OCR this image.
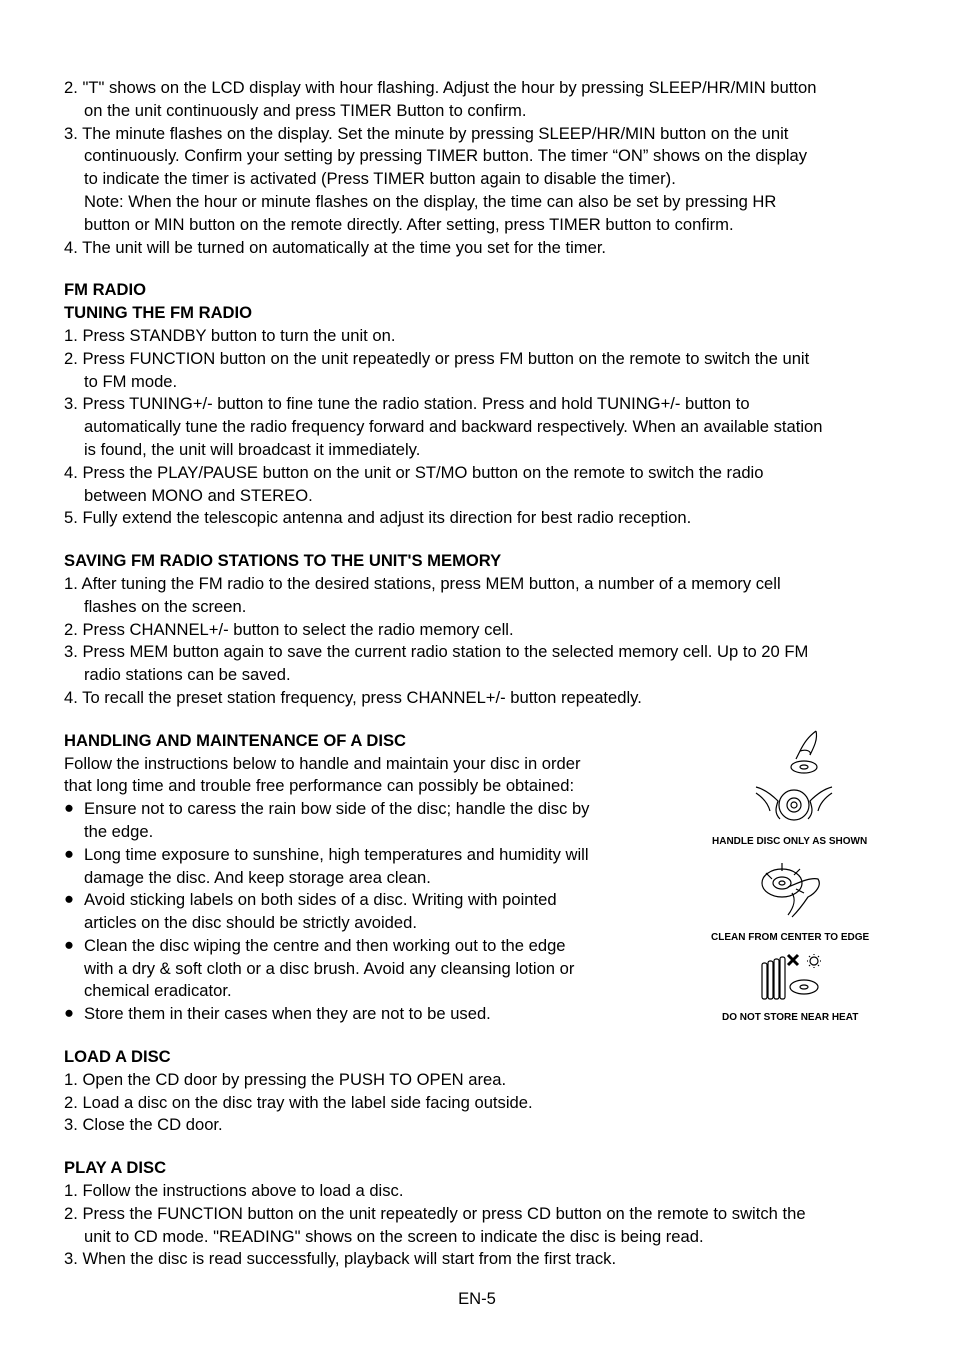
2. "T" shows on the LCD display with hour flashing. Adjust the hour by pressing SLEEP/HR/MIN button
on the unit continuously and press TIMER Button to confirm.
3. The minute flashes on the display. Set the minute by pressing SLEEP/HR/MIN button on the unit
continuously. Confirm your setting by pressing TIMER button. The timer “ON” shows on the display
to indicate the timer is activated (Press TIMER button again to disable the timer).
Note: When the hour or minute flashes on the display, the time can also be set by pressing HR
button or MIN button on the remote directly. After setting, press TIMER button to confirm.
4. The unit will be turned on automatically at the time you set for the timer.
FM RADIO
TUNING THE FM RADIO
1. Press STANDBY button to turn the unit on.
2. Press FUNCTION button on the unit repeatedly or press FM button on the remote to switch the unit
to FM mode.
3. Press TUNING+/- button to fine tune the radio station. Press and hold TUNING+/- button to
automatically tune the radio frequency forward and backward respectively. When an available station
is found, the unit will broadcast it immediately.
4. Press the PLAY/PAUSE button on the unit or ST/MO button on the remote to switch the radio
between MONO and STEREO.
5. Fully extend the telescopic antenna and adjust its direction for best radio reception.
SAVING FM RADIO STATIONS TO THE UNIT'S MEMORY
1. After tuning the FM radio to the desired stations, press MEM button, a number of a memory cell
flashes on the screen.
2. Press CHANNEL+/- button to select the radio memory cell.
3. Press MEM button again to save the current radio station to the selected memory cell. Up to 20 FM
radio stations can be saved.
4. To recall the preset station frequency, press CHANNEL+/- button repeatedly.
HANDLING AND MAINTENANCE OF A DISC
Follow the instructions below to handle and maintain your disc in order
that long time and trouble free performance can possibly be obtained:
● Ensure not to caress the rain bow side of the disc; handle the disc by
the edge.
● Long time exposure to sunshine, high temperatures and humidity will
damage the disc. And keep storage area clean.
● Avoid sticking labels on both sides of a disc. Writing with pointed
articles on the disc should be strictly avoided.
● Clean the disc wiping the centre and then working out to the edge
with a dry & soft cloth or a disc brush. Avoid any cleansing lotion or
chemical eradicator.
● Store them in their cases when they are not to be used.
LOAD A DISC
1. Open the CD door by pressing the PUSH TO OPEN area.
2. Load a disc on the disc tray with the label side facing outside.
3. Close the CD door.
PLAY A DISC
1. Follow the instructions above to load a disc.
2. Press the FUNCTION button on the unit repeatedly or press CD button on the remote to switch the
unit to CD mode. "READING" shows on the screen to indicate the disc is being read.
3. When the disc is read successfully, playback will start from the first track.
HANDLE DISC ONLY AS SHOWN
CLEAN FROM CENTER TO EDGE
DO NOT STORE NEAR HEAT
EN-5
